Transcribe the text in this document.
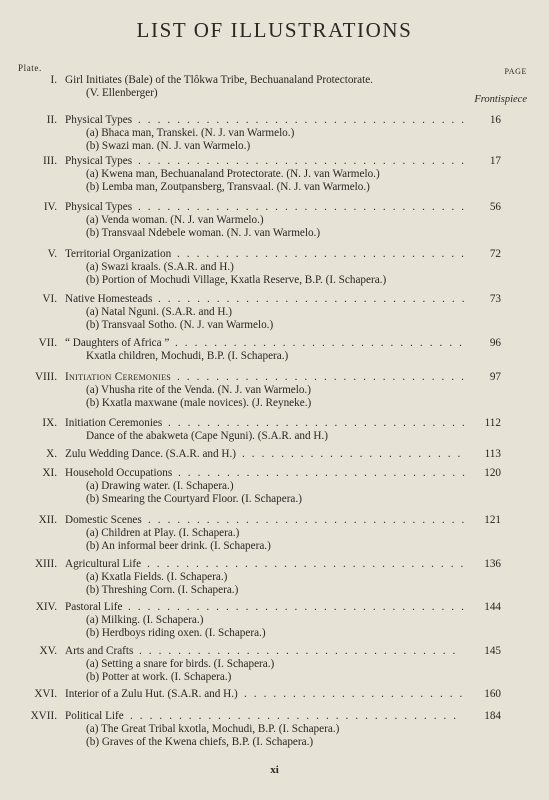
LIST OF ILLUSTRATIONS
Plate.	PAGE
I. Girl Initiates (Bale) of the Tlôkwa Tribe, Bechuanaland Protectorate.
(V. Ellenberger)
Frontispiece
II. Physical Types	16
..................................
(a) Bhaca man, Transkei. (N. J. van Warmelo.)
(b) Swazi man. (N. J. van Warmelo.)
III. Physical Types	17
..................................
(a) Kwena man, Bechuanaland Protectorate. (N. J. van Warmelo.)
(b) Lemba man, Zoutpansberg, Transvaal. (N. J. van Warmelo.)
IV. Physical Types	56
..................................
(a) Venda woman. (N. J. van Warmelo.)
(b) Transvaal Ndebele woman. (N. J. van Warmelo.)
V. Territorial Organization	72
..............................
(a) Swazi kraals. (S.A.R. and H.)
(b) Portion of Mochudi Village, Kxatla Reserve, B.P. (I. Schapera.)
VI. Native Homesteads	73
................................
(a) Natal Nguni. (S.A.R. and H.)
(b) Transvaal Sotho. (N. J. van Warmelo.)
VII. “ Daughters of Africa ”	96
..............................
Kxatla children, Mochudi, B.P. (I. Schapera.)
VIII. Initiation Ceremonies	97
..............................
(a) Vhusha rite of the Venda. (N. J. van Warmelo.)
(b) Kxatla maxwane (male novices). (J. Reyneke.)
IX. Initiation Ceremonies	112
...............................
Dance of the abakweta (Cape Nguni). (S.A.R. and H.)
X. Zulu Wedding Dance. (S.A.R. and H.)	113
.......................
XI. Household Occupations	120
..............................
(a) Drawing water. (I. Schapera.)
(b) Smearing the Courtyard Floor. (I. Schapera.)
XII. Domestic Scenes	121
.................................
(a) Children at Play. (I. Schapera.)
(b) An informal beer drink. (I. Schapera.)
XIII. Agricultural Life	136
.................................
(a) Kxatla Fields. (I. Schapera.)
(b) Threshing Corn. (I. Schapera.)
XIV. Pastoral Life	144
...................................
(a) Milking. (I. Schapera.)
(b) Herdboys riding oxen. (I. Schapera.)
XV. Arts and Crafts	145
.................................
(a) Setting a snare for birds. (I. Schapera.)
(b) Potter at work. (I. Schapera.)
XVI. Interior of a Zulu Hut. (S.A.R. and H.)	160
.......................
XVII. Political Life	184
..................................
(a) The Great Tribal kxotla, Mochudi, B.P. (I. Schapera.)
(b) Graves of the Kwena chiefs, B.P. (I. Schapera.)
xi
